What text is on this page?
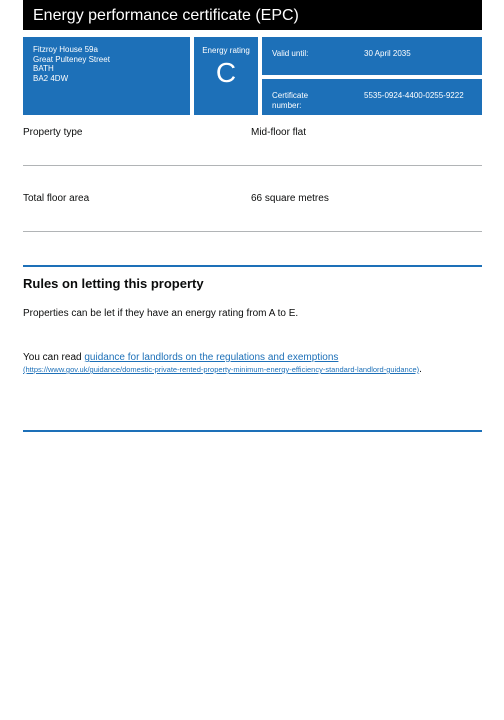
Energy performance certificate (EPC)
Fitzroy House 59a
Great Pulteney Street
BATH
BA2 4DW
Energy rating
C
Valid until:	30 April 2035
Certificate number:
5535-0924-4400-0255-9222
Property type	Mid-floor flat
Total floor area	66 square metres
Rules on letting this property
Properties can be let if they have an energy rating from A to E.
You can read guidance for landlords on the regulations and exemptions
(https://www.gov.uk/guidance/domestic-private-rented-property-minimum-energy-efficiency-standard-landlord-guidance).
